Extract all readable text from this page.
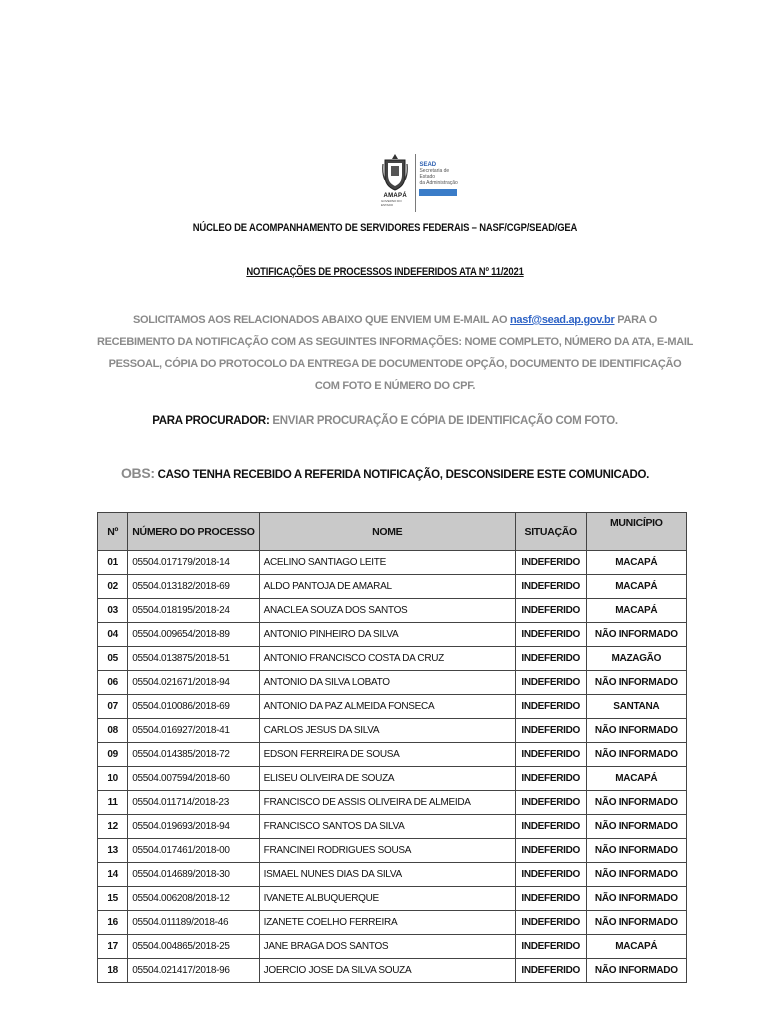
AMAPÁ
GOVERNO DO ESTADO
SEAD
Secretaria de Estado
da Administração
NÚCLEO DE ACOMPANHAMENTO DE SERVIDORES FEDERAIS – NASF/CGP/SEAD/GEA
NOTIFICAÇÕES DE PROCESSOS INDEFERIDOS ATA Nº 11/2021
SOLICITAMOS AOS RELACIONADOS ABAIXO QUE ENVIEM UM E-MAIL AO nasf@sead.ap.gov.br PARA O RECEBIMENTO DA NOTIFICAÇÃO COM AS SEGUINTES INFORMAÇÕES: NOME COMPLETO, NÚMERO DA ATA, E-MAIL PESSOAL, CÓPIA DO PROTOCOLO DA ENTREGA DE DOCUMENTODE OPÇÃO, DOCUMENTO DE IDENTIFICAÇÃO COM FOTO E NÚMERO DO CPF.
PARA PROCURADOR: ENVIAR PROCURAÇÃO E CÓPIA DE IDENTIFICAÇÃO COM FOTO.
OBS: CASO TENHA RECEBIDO A REFERIDA NOTIFICAÇÃO, DESCONSIDERE ESTE COMUNICADO.
Nº	NÚMERO DO PROCESSO	NOME	SITUAÇÃO	MUNICÍPIO
01	05504.017179/2018-14	ACELINO SANTIAGO LEITE	INDEFERIDO	MACAPÁ
02	05504.013182/2018-69	ALDO PANTOJA DE AMARAL	INDEFERIDO	MACAPÁ
03	05504.018195/2018-24	ANACLEA SOUZA DOS SANTOS	INDEFERIDO	MACAPÁ
04	05504.009654/2018-89	ANTONIO PINHEIRO DA SILVA	INDEFERIDO	NÃO INFORMADO
05	05504.013875/2018-51	ANTONIO FRANCISCO COSTA DA CRUZ	INDEFERIDO	MAZAGÃO
06	05504.021671/2018-94	ANTONIO DA SILVA LOBATO	INDEFERIDO	NÃO INFORMADO
07	05504.010086/2018-69	ANTONIO DA PAZ ALMEIDA FONSECA	INDEFERIDO	SANTANA
08	05504.016927/2018-41	CARLOS JESUS DA SILVA	INDEFERIDO	NÃO INFORMADO
09	05504.014385/2018-72	EDSON FERREIRA DE SOUSA	INDEFERIDO	NÃO INFORMADO
10	05504.007594/2018-60	ELISEU OLIVEIRA DE SOUZA	INDEFERIDO	MACAPÁ
11	05504.011714/2018-23	FRANCISCO DE ASSIS OLIVEIRA DE ALMEIDA	INDEFERIDO	NÃO INFORMADO
12	05504.019693/2018-94	FRANCISCO SANTOS DA SILVA	INDEFERIDO	NÃO INFORMADO
13	05504.017461/2018-00	FRANCINEI RODRIGUES SOUSA	INDEFERIDO	NÃO INFORMADO
14	05504.014689/2018-30	ISMAEL NUNES DIAS DA SILVA	INDEFERIDO	NÃO INFORMADO
15	05504.006208/2018-12	IVANETE ALBUQUERQUE	INDEFERIDO	NÃO INFORMADO
16	05504.011189/2018-46	IZANETE COELHO FERREIRA	INDEFERIDO	NÃO INFORMADO
17	05504.004865/2018-25	JANE BRAGA DOS SANTOS	INDEFERIDO	MACAPÁ
18	05504.021417/2018-96	JOERCIO JOSE DA SILVA SOUZA	INDEFERIDO	NÃO INFORMADO
